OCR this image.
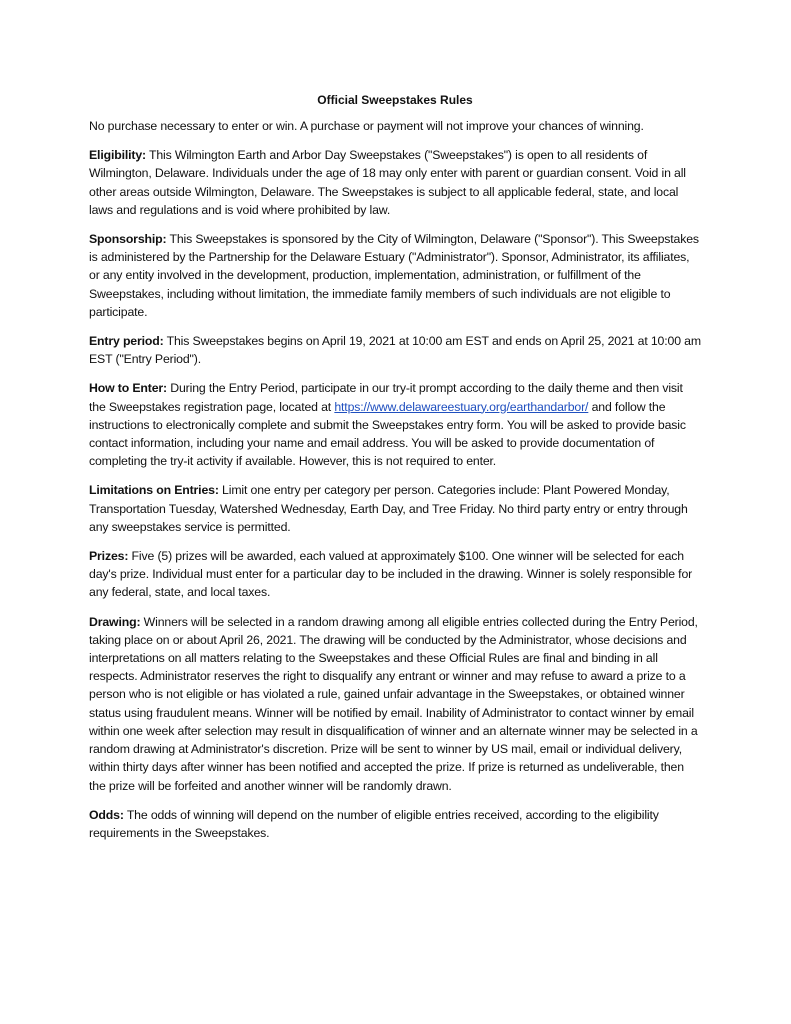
Official Sweepstakes Rules

No purchase necessary to enter or win. A purchase or payment will not improve your chances of winning.

Eligibility: This Wilmington Earth and Arbor Day Sweepstakes ("Sweepstakes") is open to all residents of Wilmington, Delaware. Individuals under the age of 18 may only enter with parent or guardian consent. Void in all other areas outside Wilmington, Delaware. The Sweepstakes is subject to all applicable federal, state, and local laws and regulations and is void where prohibited by law.

Sponsorship: This Sweepstakes is sponsored by the City of Wilmington, Delaware ("Sponsor"). This Sweepstakes is administered by the Partnership for the Delaware Estuary ("Administrator"). Sponsor, Administrator, its affiliates, or any entity involved in the development, production, implementation, administration, or fulfillment of the Sweepstakes, including without limitation, the immediate family members of such individuals are not eligible to participate.

Entry period: This Sweepstakes begins on April 19, 2021 at 10:00 am EST and ends on April 25, 2021 at 10:00 am EST ("Entry Period").

How to Enter: During the Entry Period, participate in our try-it prompt according to the daily theme and then visit the Sweepstakes registration page, located at https://www.delawareestuary.org/earthandarbor/ and follow the instructions to electronically complete and submit the Sweepstakes entry form. You will be asked to provide basic contact information, including your name and email address. You will be asked to provide documentation of completing the try-it activity if available. However, this is not required to enter.

Limitations on Entries: Limit one entry per category per person. Categories include: Plant Powered Monday, Transportation Tuesday, Watershed Wednesday, Earth Day, and Tree Friday. No third party entry or entry through any sweepstakes service is permitted.

Prizes: Five (5) prizes will be awarded, each valued at approximately $100. One winner will be selected for each day's prize. Individual must enter for a particular day to be included in the drawing. Winner is solely responsible for any federal, state, and local taxes.

Drawing: Winners will be selected in a random drawing among all eligible entries collected during the Entry Period, taking place on or about April 26, 2021. The drawing will be conducted by the Administrator, whose decisions and interpretations on all matters relating to the Sweepstakes and these Official Rules are final and binding in all respects. Administrator reserves the right to disqualify any entrant or winner and may refuse to award a prize to a person who is not eligible or has violated a rule, gained unfair advantage in the Sweepstakes, or obtained winner status using fraudulent means. Winner will be notified by email. Inability of Administrator to contact winner by email within one week after selection may result in disqualification of winner and an alternate winner may be selected in a random drawing at Administrator's discretion. Prize will be sent to winner by US mail, email or individual delivery, within thirty days after winner has been notified and accepted the prize. If prize is returned as undeliverable, then the prize will be forfeited and another winner will be randomly drawn.

Odds: The odds of winning will depend on the number of eligible entries received, according to the eligibility requirements in the Sweepstakes.
